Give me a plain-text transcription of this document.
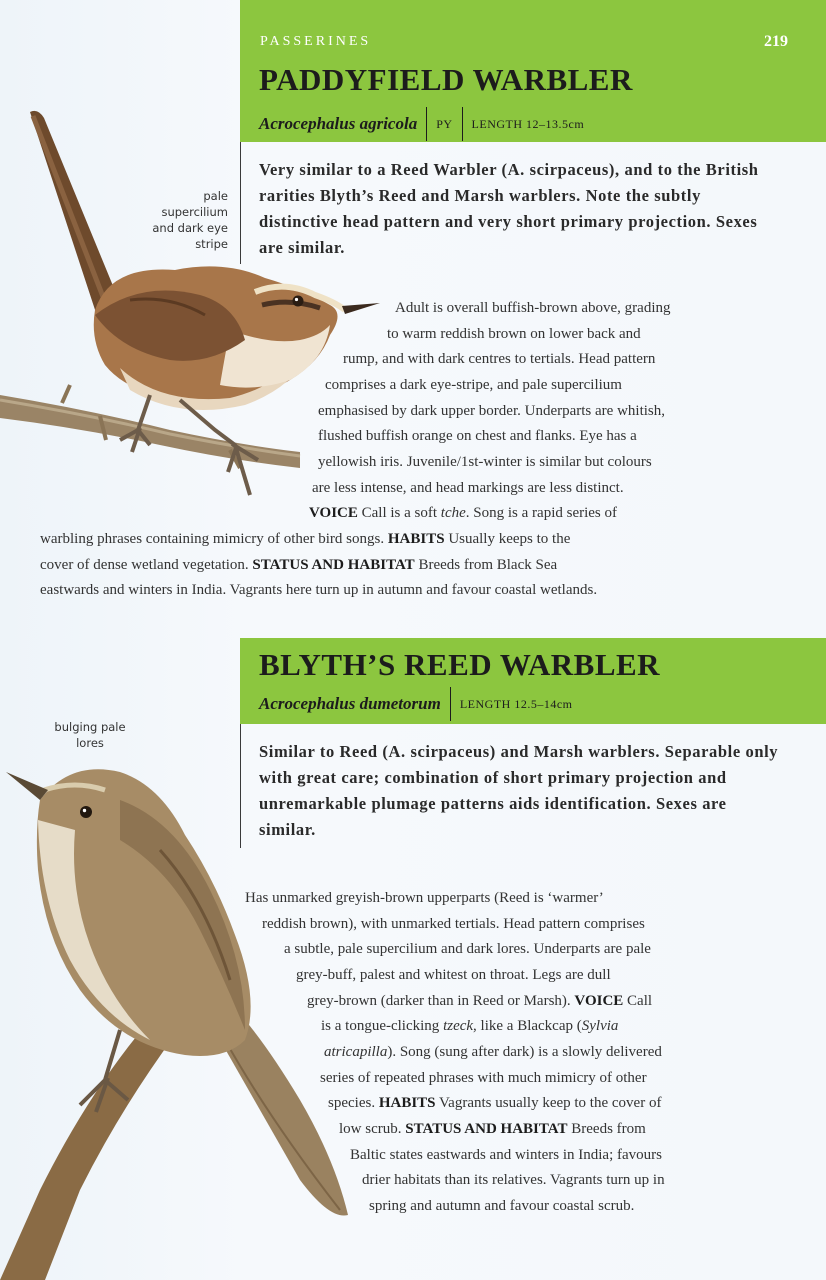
PASSERINES	219
PADDYFIELD WARBLER
Acrocephalus agricola PY LENGTH 12–13.5cm

Very similar to a Reed Warbler (A. scirpaceus), and to the British rarities Blyth’s Reed and Marsh warblers. Note the subtly distinctive head pattern and very short primary projection. Sexes are similar.

pale
supercilium
and dark eye
stripe
Adult is overall buffish-brown above, grading
to warm reddish brown on lower back and
rump, and with dark centres to tertials. Head pattern
comprises a dark eye-stripe, and pale supercilium
emphasised by dark upper border. Underparts are whitish,
flushed buffish orange on chest and flanks. Eye has a
yellowish iris. Juvenile/1st-winter is similar but colours
are less intense, and head markings are less distinct.
VOICE Call is a soft tche. Song is a rapid series of
warbling phrases containing mimicry of other bird songs. HABITS Usually keeps to the
cover of dense wetland vegetation. STATUS AND HABITAT Breeds from Black Sea
eastwards and winters in India. Vagrants here turn up in autumn and favour coastal wetlands.
BLYTH’S REED WARBLER
Acrocephalus dumetorum LENGTH 12.5–14cm

Similar to Reed (A. scirpaceus) and Marsh warblers. Separable only with great care; combination of short primary projection and unremarkable plumage patterns aids identification. Sexes are similar.

bulging pale
lores
Has unmarked greyish-brown upperparts (Reed is ‘warmer’
reddish brown), with unmarked tertials. Head pattern comprises
a subtle, pale supercilium and dark lores. Underparts are pale
grey-buff, palest and whitest on throat. Legs are dull
grey-brown (darker than in Reed or Marsh). VOICE Call
is a tongue-clicking tzeck, like a Blackcap (Sylvia
atricapilla). Song (sung after dark) is a slowly delivered
series of repeated phrases with much mimicry of other
species. HABITS Vagrants usually keep to the cover of
low scrub. STATUS AND HABITAT Breeds from
Baltic states eastwards and winters in India; favours
drier habitats than its relatives. Vagrants turn up in
spring and autumn and favour coastal scrub.
